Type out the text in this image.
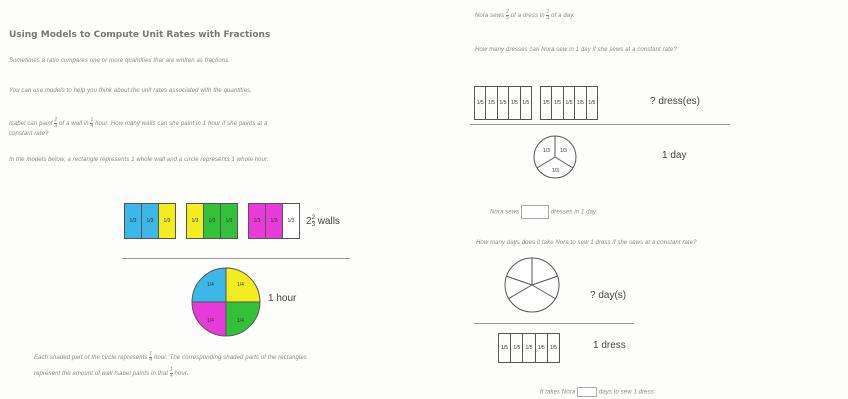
Using Models to Compute Unit Rates with Fractions
Sometimes a ratio compares one or more quantities that are written as fractions.
You can use models to help you think about the unit rates associated with the quantities.
Isabel can paint $\frac{2}{3}$ of a wall in $\frac{1}{4}$ hour. How many walls can she paint in 1 hour if she paints at a
constant rate?
In the models below, a rectangle represents 1 whole wall and a circle represents 1 whole hour.
1/3	1/3	1/3	1/3	1/3	1/3	1/3	1/3	1/3	$2 \frac{2}{3}$ walls
1/4	1/4
1/4	1/4
1 hour
Each shaded part of the circle represents $\frac{1}{4}$ hour. The corresponding shaded parts of the rectangles
represent the amount of wall Isabel paints in that $\frac{1}{4}$ hour.
Nora sews $\frac{2}{5}$ of a dress in $\frac{1}{3}$ of a day.
How many dresses can Nora sew in 1 day if she sews at a constant rate?
1/5 1/5 1/5 1/5 1/5	1/5 1/5 1/5 1/5 1/5	? dress(es)
1/3 1/3
1/3
1 day
Nora sews	dresses in 1 day.
How many days does it take Nora to sew 1 dress if she sews at a constant rate?
? day(s)
1/5	1/5	1/5	1/5	1/5	1 dress
It takes Nora	days to sew 1 dress.
